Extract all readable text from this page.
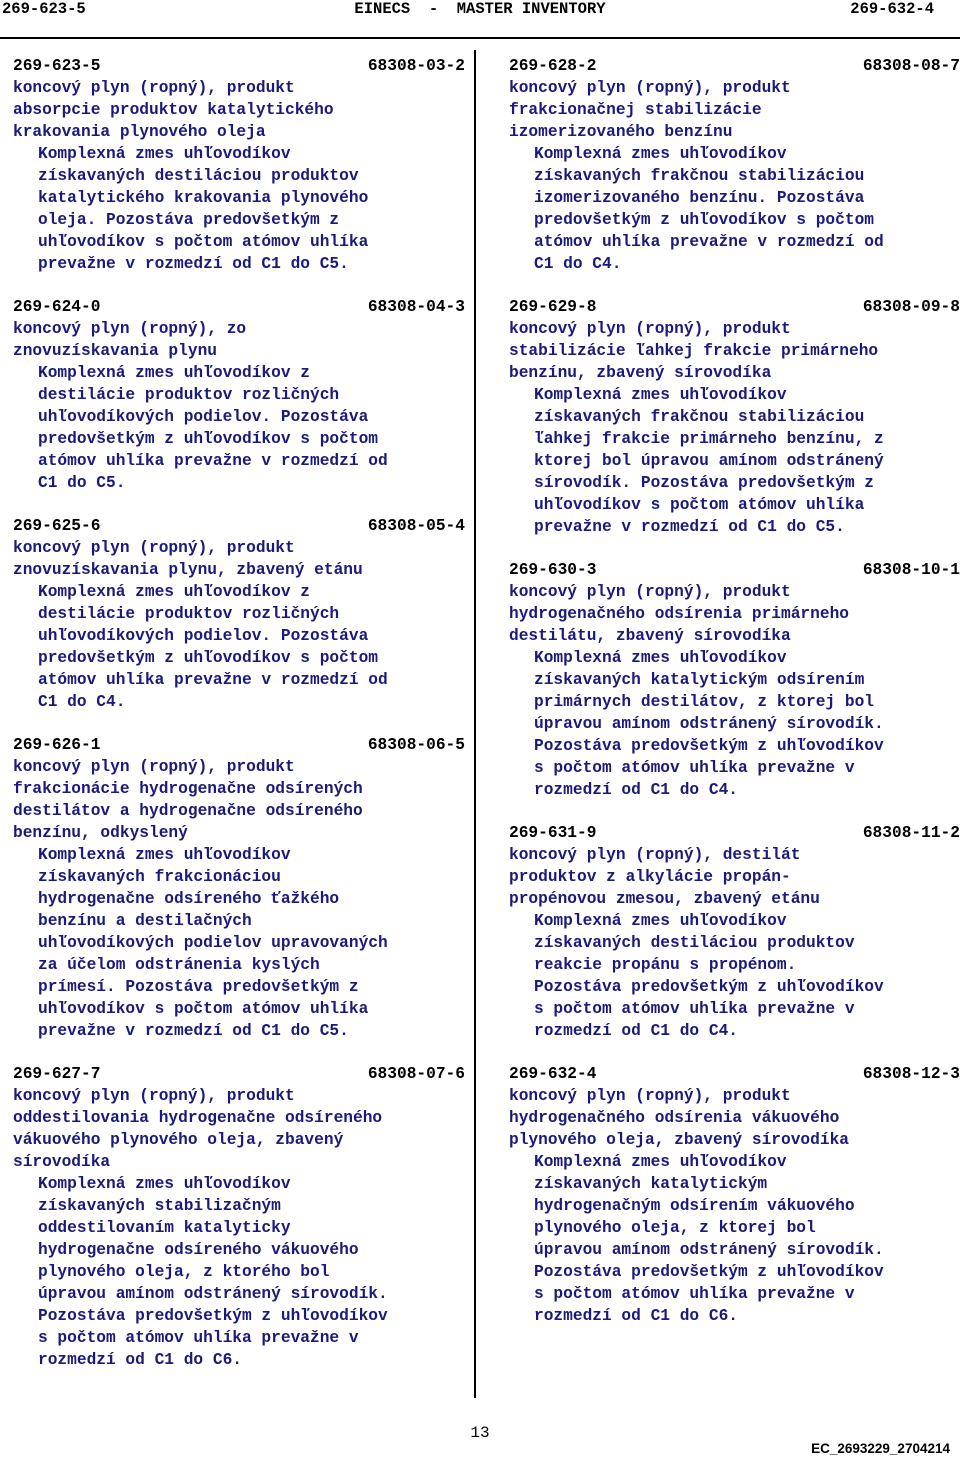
269-623-5	EINECS  -  MASTER INVENTORY	269-632-4
269-623-5	68308-03-2
koncový plyn (ropný), produkt
absorpcie produktov katalytického
krakovania plynového oleja
Komplexná zmes uhľovodíkov
získavaných destiláciou produktov
katalytického krakovania plynového
oleja. Pozostáva predovšetkým z
uhľovodíkov s počtom atómov uhlíka
prevažne v rozmedzí od C1 do C5.
269-624-0	68308-04-3
koncový plyn (ropný), zo
znovuzískavania plynu
Komplexná zmes uhľovodíkov z
destilácie produktov rozličných
uhľovodíkových podielov. Pozostáva
predovšetkým z uhľovodíkov s počtom
atómov uhlíka prevažne v rozmedzí od
C1 do C5.
269-625-6	68308-05-4
koncový plyn (ropný), produkt
znovuzískavania plynu, zbavený etánu
Komplexná zmes uhľovodíkov z
destilácie produktov rozličných
uhľovodíkových podielov. Pozostáva
predovšetkým z uhľovodíkov s počtom
atómov uhlíka prevažne v rozmedzí od
C1 do C4.
269-626-1	68308-06-5
koncový plyn (ropný), produkt
frakcionácie hydrogenačne odsírených
destilátov a hydrogenačne odsíreného
benzínu, odkyslený
Komplexná zmes uhľovodíkov
získavaných frakcionáciou
hydrogenačne odsíreného ťažkého
benzínu a destilačných
uhľovodíkových podielov upravovaných
za účelom odstránenia kyslých
prímesí. Pozostáva predovšetkým z
uhľovodíkov s počtom atómov uhlíka
prevažne v rozmedzí od C1 do C5.
269-627-7	68308-07-6
koncový plyn (ropný), produkt
oddestilovania hydrogenačne odsíreného
vákuového plynového oleja, zbavený
sírovodíka
Komplexná zmes uhľovodíkov
získavaných stabilizačným
oddestilovaním katalyticky
hydrogenačne odsíreného vákuového
plynového oleja, z ktorého bol
úpravou amínom odstránený sírovodík.
Pozostáva predovšetkým z uhľovodíkov
s počtom atómov uhlíka prevažne v
rozmedzí od C1 do C6.
269-628-2	68308-08-7
koncový plyn (ropný), produkt
frakcionačnej stabilizácie
izomerizovaného benzínu
Komplexná zmes uhľovodíkov
získavaných frakčnou stabilizáciou
izomerizovaného benzínu. Pozostáva
predovšetkým z uhľovodíkov s počtom
atómov uhlíka prevažne v rozmedzí od
C1 do C4.
269-629-8	68308-09-8
koncový plyn (ropný), produkt
stabilizácie ľahkej frakcie primárneho
benzínu, zbavený sírovodíka
Komplexná zmes uhľovodíkov
získavaných frakčnou stabilizáciou
ľahkej frakcie primárneho benzínu, z
ktorej bol úpravou amínom odstránený
sírovodík. Pozostáva predovšetkým z
uhľovodíkov s počtom atómov uhlíka
prevažne v rozmedzí od C1 do C5.
269-630-3	68308-10-1
koncový plyn (ropný), produkt
hydrogenačného odsírenia primárneho
destilátu, zbavený sírovodíka
Komplexná zmes uhľovodíkov
získavaných katalytickým odsírením
primárnych destilátov, z ktorej bol
úpravou amínom odstránený sírovodík.
Pozostáva predovšetkým z uhľovodíkov
s počtom atómov uhlíka prevažne v
rozmedzí od C1 do C4.
269-631-9	68308-11-2
koncový plyn (ropný), destilát
produktov z alkylácie propán-
propénovou zmesou, zbavený etánu
Komplexná zmes uhľovodíkov
získavaných destiláciou produktov
reakcie propánu s propénom.
Pozostáva predovšetkým z uhľovodíkov
s počtom atómov uhlíka prevažne v
rozmedzí od C1 do C4.
269-632-4	68308-12-3
koncový plyn (ropný), produkt
hydrogenačného odsírenia vákuového
plynového oleja, zbavený sírovodíka
Komplexná zmes uhľovodíkov
získavaných katalytickým
hydrogenačným odsírením vákuového
plynového oleja, z ktorej bol
úpravou amínom odstránený sírovodík.
Pozostáva predovšetkým z uhľovodíkov
s počtom atómov uhlíka prevažne v
rozmedzí od C1 do C6.
13
EC_2693229_2704214
